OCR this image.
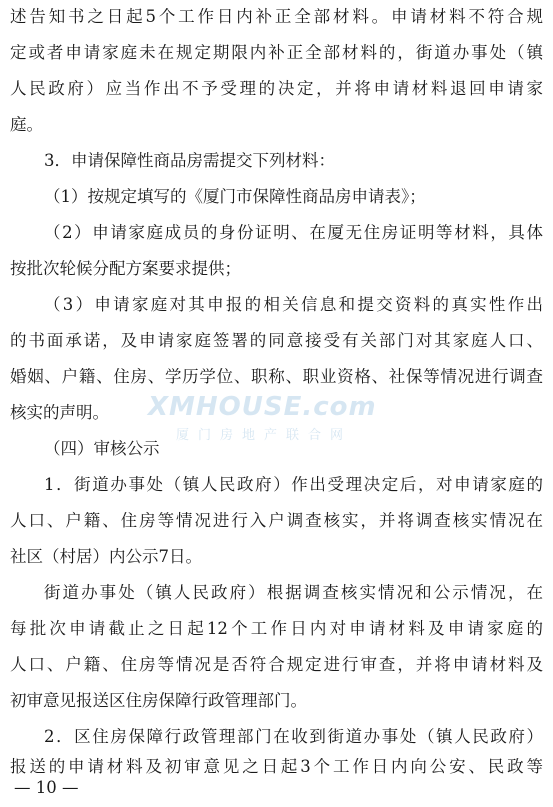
XMHOUSE.com
厦门房地产联合网
述告知书之日起5个工作日内补正全部材料。申请材料不符合规
定或者申请家庭未在规定期限内补正全部材料的，街道办事处（镇
人民政府）应当作出不予受理的决定，并将申请材料退回申请家
庭。
3．申请保障性商品房需提交下列材料：
（1）按规定填写的《厦门市保障性商品房申请表》；
（2）申请家庭成员的身份证明、在厦无住房证明等材料，具体
按批次轮候分配方案要求提供；
（3）申请家庭对其申报的相关信息和提交资料的真实性作出
的书面承诺，及申请家庭签署的同意接受有关部门对其家庭人口、
婚姻、户籍、住房、学历学位、职称、职业资格、社保等情况进行调查
核实的声明。
（四）审核公示
1．街道办事处（镇人民政府）作出受理决定后，对申请家庭的
人口、户籍、住房等情况进行入户调查核实，并将调查核实情况在
社区（村居）内公示7日。
街道办事处（镇人民政府）根据调查核实情况和公示情况，在
每批次申请截止之日起12个工作日内对申请材料及申请家庭的
人口、户籍、住房等情况是否符合规定进行审查，并将申请材料及
初审意见报送区住房保障行政管理部门。
2．区住房保障行政管理部门在收到街道办事处（镇人民政府）
报送的申请材料及初审意见之日起3个工作日内向公安、民政等
— 10 —
